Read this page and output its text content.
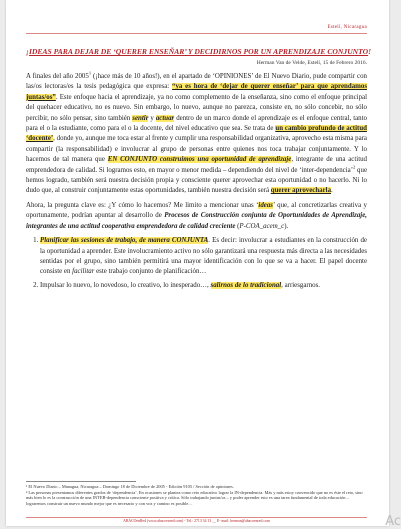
Estelí, Nicaragua
¡IDEAS PARA DEJAR DE ‘QUERER ENSEÑAR’ Y DECIDIRNOS POR UN APRENDIZAJE CONJUNTO!
Herman Van de Velde, Estelí, 15 de Febrero 2016.

A finales del año 2005$^1$ (¡hace más de 10 años!), en el apartado de ‘OPINIONES’ de El Nuevo Diario, pude compartir con las/os lectoras/es la tesis pedagógica que expresa: “ya es hora de ‘dejar de querer enseñar’ para que aprendamos juntas/os”. Este enfoque hacia el aprendizaje, ya no como complemento de la enseñanza, sino como el enfoque principal del quehacer educativo, no es nuevo. Sin embargo, lo nuevo, aunque no parezca, consiste en, no sólo concebir, no sólo percibir, no sólo pensar, sino también sentir y actuar dentro de un marco donde el aprendizaje es el enfoque central, tanto para el o la estudiante, como para el o la docente, del nivel educativo que sea. Se trata de un cambio profundo de actitud ‘docente’, donde yo, aunque me toca estar al frente y cumplir una responsabilidad organizativa, aprovecho esta misma para compartir (la responsabilidad) e involucrar al grupo de personas entre quienes nos toca trabajar conjuntamente. Y lo hacemos de tal manera que EN CONJUNTO construimos una oportunidad de aprendizaje, integrante de una actitud emprendedora de calidad. Si logramos esto, en mayor o menor medida – dependiendo del nivel de ‘inter-dependencia’$^2$ que hemos logrado, también será nuestra decisión propia y consciente querer aprovechar esta oportunidad o no hacerlo. Ni lo dudo que, al construir conjuntamente estas oportunidades, también nuestra decisión será querer aprovecharla.

Ahora, la pregunta clave es: ¿Y cómo lo hacemos? Me limito a mencionar unas ‘ideas’ que, al concretizarlas creativa y oportunamente, podrían apuntar al desarrollo de Procesos de Construcción conjunta de Oportunidades de Aprendizaje, integrantes de una actitud cooperativa emprendedora de calidad creciente (P-COA_acem_c).

1. Planificar las sesiones de trabajo, de manera CONJUNTA. Es decir: involucrar a estudiantes en la construcción de la oportunidad a aprender. Este involucramiento activo no sólo garantizará una respuesta más directa a las necesidades sentidas por el grupo, sino también permitirá una mayor identificación con lo que se va a hacer. El papel docente consiste en facilitar este trabajo conjunto de planificación…
2. Impulsar lo nuevo, lo novedoso, lo creativo, lo inesperado…, salirnos de lo tradicional, arriesgarnos.
¹ El Nuevo Diario – Managua, Nicaragua – Domingo 18 de Diciembre de 2005 - Edición 9105 / Sección de opiniones.
² Las personas presentamos diferentes grados de ‘dependencia’. En ocasiones se plantea como reto educativo lograr la IN-dependencia. Más y más estoy convencido que no es éste el reto, sino más bien lo es la construcción de una INTER-dependencia consciente positiva y crítica. Sólo trabajando juntas/os – y poder aprender esto es una tarea fundamental de toda educación – lograremos construir un nuevo mundo mejor que es necesario y con voz y camino es posible…
ABACOenRed (www.abacoenred.com) - Tel.: 2713 34 13 __ E- mail: herman@abacoenred.com	Ac
